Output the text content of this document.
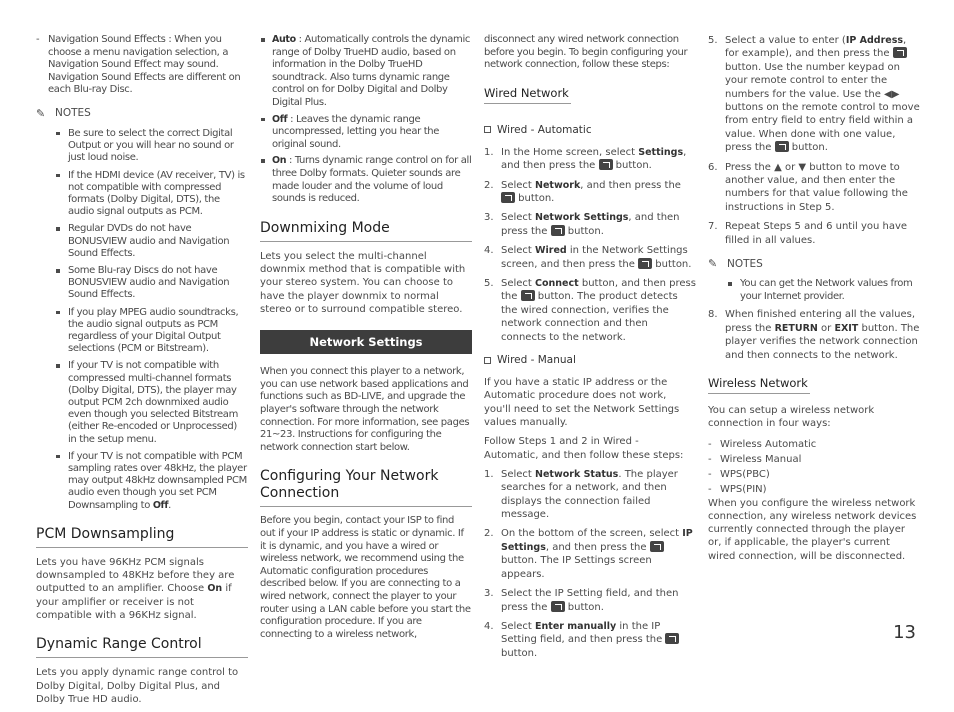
- Navigation Sound Effects : When you choose a menu navigation selection, a Navigation Sound Effect may sound. Navigation Sound Effects are different on each Blu-ray Disc.
✎ NOTES
Be sure to select the correct Digital Output or you will hear no sound or just loud noise.
If the HDMI device (AV receiver, TV) is not compatible with compressed formats (Dolby Digital, DTS), the audio signal outputs as PCM.
Regular DVDs do not have BONUSVIEW audio and Navigation Sound Effects.
Some Blu-ray Discs do not have BONUSVIEW audio and Navigation Sound Effects.
If you play MPEG audio soundtracks, the audio signal outputs as PCM regardless of your Digital Output selections (PCM or Bitstream).
If your TV is not compatible with compressed multi-channel formats (Dolby Digital, DTS), the player may output PCM 2ch downmixed audio even though you selected Bitstream (either Re-encoded or Unprocessed) in the setup menu.
If your TV is not compatible with PCM sampling rates over 48kHz, the player may output 48kHz downsampled PCM audio even though you set PCM Downsampling to Off.
PCM Downsampling
Lets you have 96KHz PCM signals downsampled to 48KHz before they are outputted to an amplifier. Choose On if your amplifier or receiver is not compatible with a 96KHz signal.
Dynamic Range Control
Lets you apply dynamic range control to Dolby Digital, Dolby Digital Plus, and Dolby True HD audio.
Auto : Automatically controls the dynamic range of Dolby TrueHD audio, based on information in the Dolby TrueHD soundtrack. Also turns dynamic range control on for Dolby Digital and Dolby Digital Plus.
Off : Leaves the dynamic range uncompressed, letting you hear the original sound.
On : Turns dynamic range control on for all three Dolby formats. Quieter sounds are made louder and the volume of loud sounds is reduced.
Downmixing Mode
Lets you select the multi-channel downmix method that is compatible with your stereo system. You can choose to have the player downmix to normal stereo or to surround compatible stereo.
Network Settings
When you connect this player to a network, you can use network based applications and functions such as BD-LIVE, and upgrade the player's software through the network connection. For more information, see pages 21~23. Instructions for configuring the network connection start below.
Configuring Your Network Connection
Before you begin, contact your ISP to find out if your IP address is static or dynamic. If it is dynamic, and you have a wired or wireless network, we recommend using the Automatic configuration procedures described below. If you are connecting to a wired network, connect the player to your router using a LAN cable before you start the configuration procedure. If you are connecting to a wireless network,
disconnect any wired network connection before you begin. To begin configuring your network connection, follow these steps:
Wired Network
Wired - Automatic
1. In the Home screen, select Settings, and then press the  button.
2. Select Network, and then press the  button.
3. Select Network Settings, and then press the  button.
4. Select Wired in the Network Settings screen, and then press the  button.
5. Select Connect button, and then press the  button. The product detects the wired connection, verifies the network connection and then connects to the network.
Wired - Manual
If you have a static IP address or the Automatic procedure does not work, you'll need to set the Network Settings values manually.
Follow Steps 1 and 2 in Wired - Automatic, and then follow these steps:
1. Select Network Status. The player searches for a network, and then displays the connection failed message.
2. On the bottom of the screen, select IP Settings, and then press the  button. The IP Settings screen appears.
3. Select the IP Setting field, and then press the  button.
4. Select Enter manually in the IP Setting field, and then press the  button.
5. Select a value to enter (IP Address, for example), and then press the  button. Use the number keypad on your remote control to enter the numbers for the value. Use the ◀▶ buttons on the remote control to move from entry field to entry field within a value. When done with one value, press the  button.
6. Press the ▲ or ▼ button to move to another value, and then enter the numbers for that value following the instructions in Step 5.
7. Repeat Steps 5 and 6 until you have filled in all values.
✎ NOTES
You can get the Network values from your Internet provider.
8. When finished entering all the values, press the RETURN or EXIT button. The player verifies the network connection and then connects to the network.
Wireless Network
You can setup a wireless network connection in four ways:
- Wireless Automatic
- Wireless Manual
- WPS(PBC)
- WPS(PIN)
When you configure the wireless network connection, any wireless network devices currently connected through the player or, if applicable, the player's current wired connection, will be disconnected.
13
